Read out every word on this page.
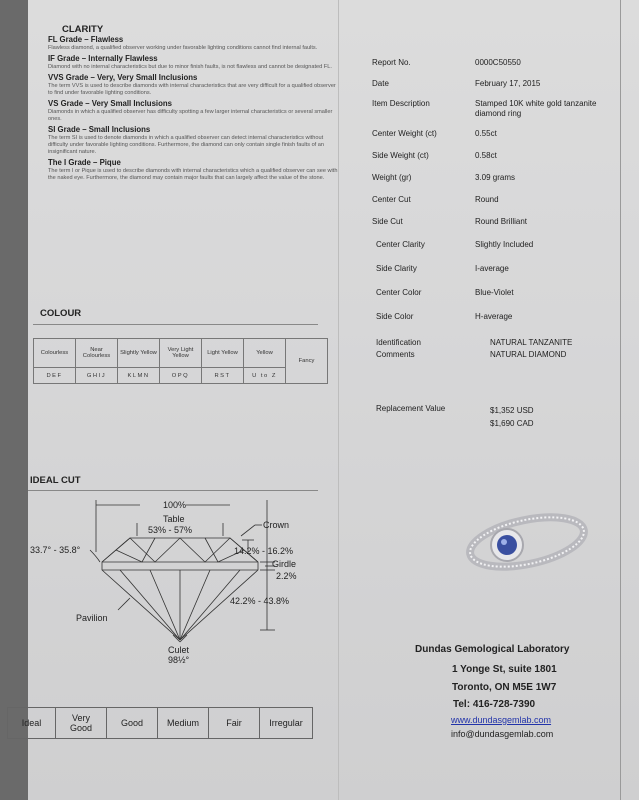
CLARITY
FL Grade – Flawless
Flawless diamond, a qualified observer working under favorable lighting conditions cannot find internal faults.
IF Grade – Internally Flawless
Diamond with no internal characteristics but due to minor finish faults, is not flawless and cannot be designated FL.
VVS Grade – Very, Very Small Inclusions
The term VVS is used to describe diamonds with internal characteristics that are very difficult for a qualified observer to find under favorable lighting conditions.
VS Grade – Very Small Inclusions
Diamonds in which a qualified observer has difficulty spotting a few larger internal characteristics or several smaller ones.
SI Grade – Small Inclusions
The term SI is used to denote diamonds in which a qualified observer can detect internal characteristics without difficulty under favorable lighting conditions. Furthermore, the diamond can only contain single finish faults of an insignificant nature.
The I Grade – Pique
The term I or Pique is used to describe diamonds with internal characteristics which a qualified observer can see with the naked eye. Furthermore, the diamond may contain major faults that can largely affect the value of the stone.
COLOUR
Colourless	Near Colourless	Slightly Yellow	Very Light Yellow	Light Yellow	Yellow	Fancy
DEF	GHIJ	KLMN	OPQ	RST	U to Z	
IDEAL CUT
100%
Table
53% - 57%	Crown
33.7° - 35.8°	14.2% - 16.2%
Girdle
2.2%
42.2% - 43.8%
Pavilion
Culet
98½°
Ideal	Very Good	Good	Medium	Fair	Irregular
Report No.	0000C50550
Date	February 17, 2015
Item Description	Stamped 10K white gold tanzanite diamond ring
Center Weight (ct)	0.55ct
Side Weight (ct)	0.58ct
Weight (gr)	3.09 grams
Center Cut	Round
Side Cut	Round Brilliant
Center Clarity	Slightly Included
Side Clarity	I-average
Center Color	Blue-Violet
Side Color	H-average
Identification Comments
NATURAL TANZANITE NATURAL DIAMOND
Replacement Value	$1,352 USD $1,690 CAD
Dundas Gemological Laboratory
1 Yonge St, suite 1801
Toronto, ON M5E 1W7
Tel: 416-728-7390
www.dundasgemlab.com
info@dundasgemlab.com
